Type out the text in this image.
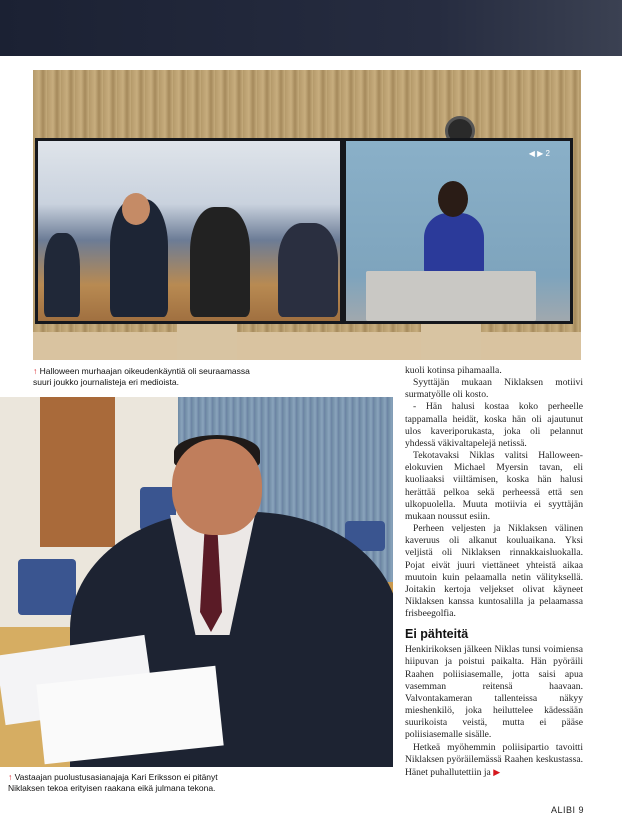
◀ ▶ 2
↑ Halloween murhaajan oikeudenkäyntiä oli seuraamassa
suuri joukko journalisteja eri medioista.
↑ Vastaajan puolustusasianajaja Kari Eriksson ei pitänyt
Niklaksen tekoa erityisen raakana eikä julmana tekona.

kuoli kotinsa pihamaalla.

Syyttäjän mukaan Niklaksen motiivi surmatyölle oli kosto.

- Hän halusi kostaa koko perheelle tappamalla heidät, koska hän oli ajautunut ulos kaveriporukasta, joka oli pelannut yhdessä väkivaltapelejä netissä.

Tekotavaksi Niklas valitsi Halloween-elokuvien Michael Myersin tavan, eli kuoliaaksi viiltämisen, koska hän halusi herättää pelkoa sekä perheessä että sen ulkopuolella. Muuta motiivia ei syyttäjän mukaan noussut esiin.

Perheen veljesten ja Niklaksen välinen kaveruus oli alkanut kouluaikana. Yksi veljistä oli Niklaksen rinnakkaisluokalla. Pojat eivät juuri viettäneet yhteistä aikaa muutoin kuin pelaamalla netin välityksellä. Joitakin kertoja veljekset olivat käyneet Niklaksen kanssa kuntosalilla ja pelaamassa frisbeegolfia.

Ei pähteitä

Henkirikoksen jälkeen Niklas tunsi voimiensa hiipuvan ja poistui paikalta. Hän pyöräili Raahen poliisiasemalle, jotta saisi apua vasemman reitensä haavaan. Valvontakameran tallenteissa näkyy mieshenkilö, joka heiluttelee kädessään suurikoista veistä, mutta ei pääse poliisiasemalle sisälle.

Hetkeä myöhemmin poliisipartio tavoitti Niklaksen pyöräilemässä Raahen keskustassa. Hänet puhallutettiin ja ▶

ALIBI 9
